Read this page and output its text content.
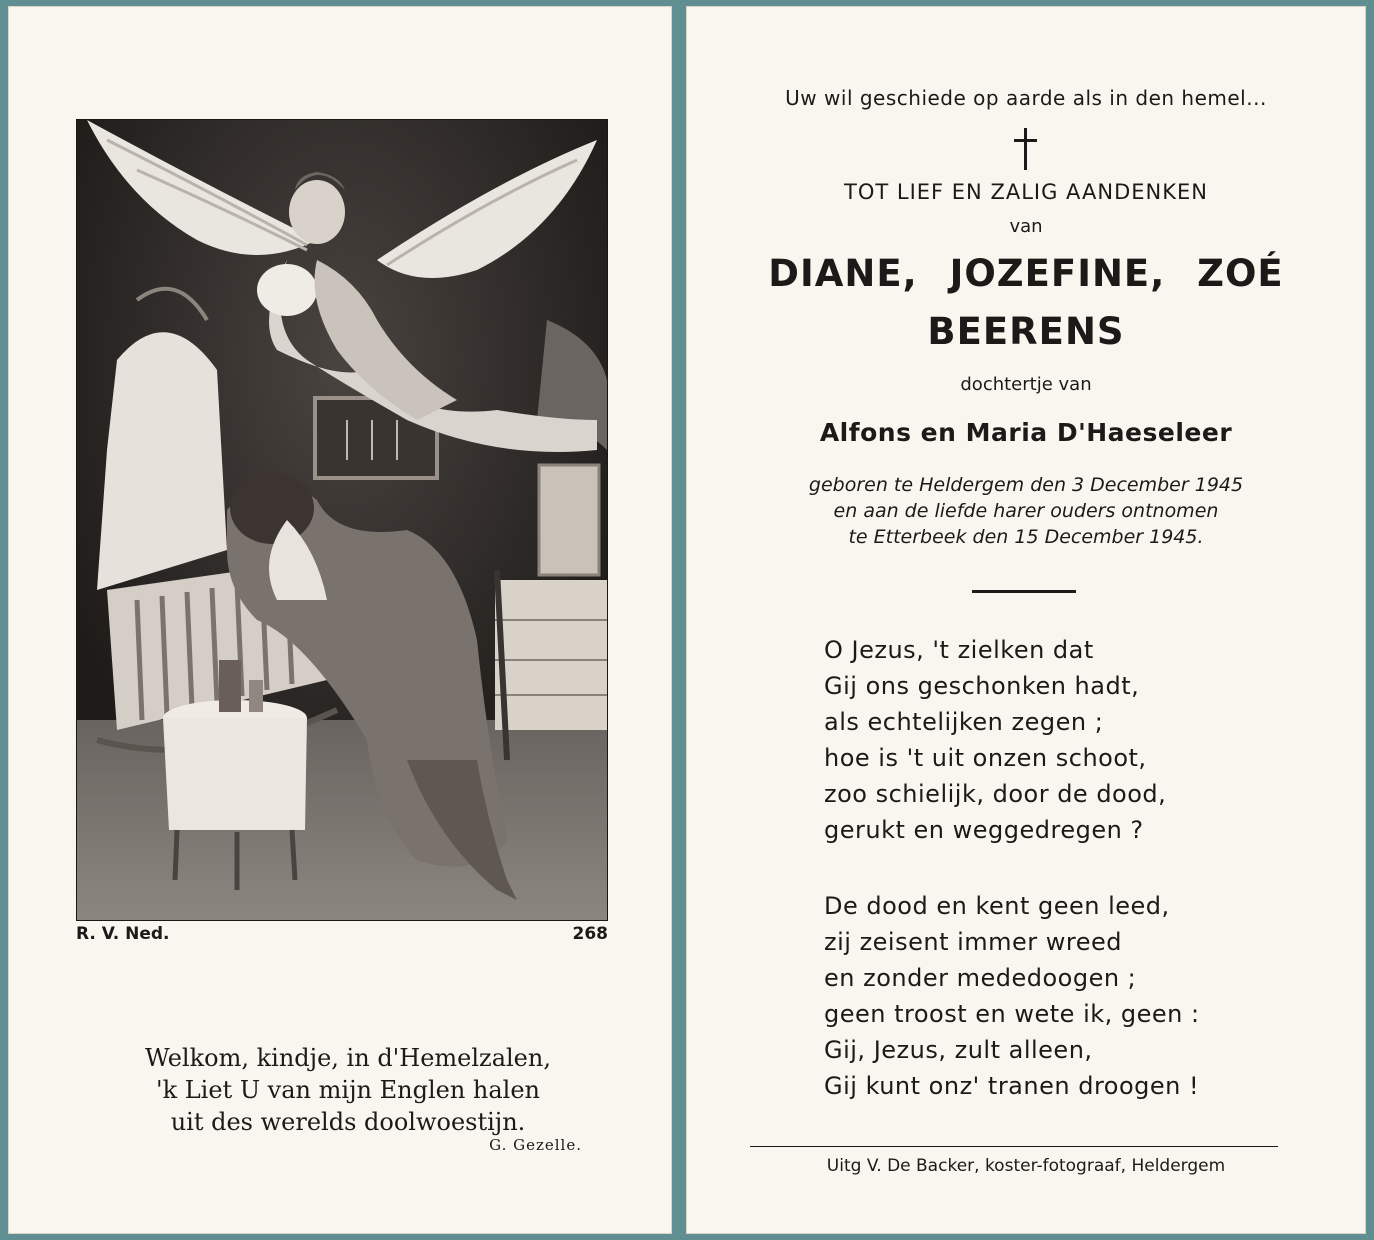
R. V. Ned.	268
Welkom, kindje, in d'Hemelzalen,
'k Liet U van mijn Englen halen
uit des werelds doolwoestijn.
G. Gezelle.
Uw wil geschiede op aarde als in den hemel...
TOT LIEF EN ZALIG AANDENKEN
van
DIANE, JOZEFINE, ZOÉ
BEERENS
dochtertje van
Alfons en Maria D'Haeseleer
geboren te Heldergem den 3 December 1945
en aan de liefde harer ouders ontnomen
te Etterbeek den 15 December 1945.
O Jezus, 't zielken dat
Gij ons geschonken hadt,
als echtelijken zegen ;
hoe is 't uit onzen schoot,
zoo schielijk, door de dood,
gerukt en weggedregen ?
De dood en kent geen leed,
zij zeisent immer wreed
en zonder mededoogen ;
geen troost en wete ik, geen :
Gij, Jezus, zult alleen,
Gij kunt onz' tranen droogen !
Uitg V. De Backer, koster-fotograaf, Heldergem
